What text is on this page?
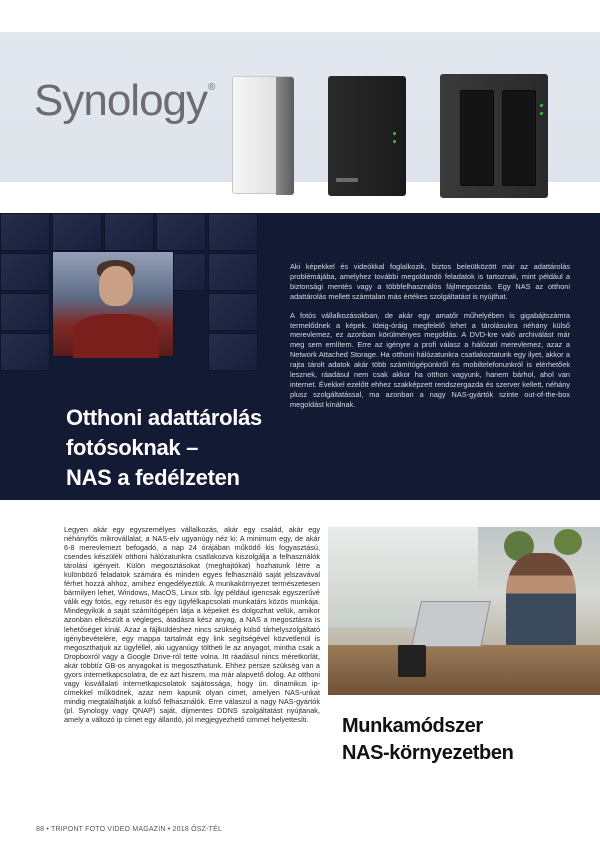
Synology®
Otthoni adattárolás
fotósoknak –
NAS a fedélzeten

Aki képekkel és videókkal foglalkozik, biztos beleütközött már az adattárolás problémájába, amelyhez további megoldandó feladatok is tartoznak, mint például a biztonsági mentés vagy a többfelhasználós fájlmegosztás. Egy NAS az otthoni adattárolás mellett számtalan más értékes szolgáltatást is nyújthat.

A fotós vállalkozásokban, de akár egy amatőr műhelyében is gigabájtszámra termelődnek a képek. Ideig-óráig megfelelő lehet a tárolásukra néhány külső merevlemez, ez azonban körülményes megoldás. A DVD-kre való archiválást már meg sem említem. Erre az igényre a profi válasz a hálózati merevlemez, azaz a Network Attached Storage. Ha otthoni hálózatunkra csatlakoztatunk egy ilyet, akkor a rajta tárolt adatok akár több számítógépünkről és mobiltelefonunkról is elérhetőek lesznek, ráadásul nem csak akkor ha otthon vagyunk, hanem bárhol, ahol van internet. Évekkel ezelőtt ehhez szakképzett rendszergazda és szerver kellett, néhány plusz szolgáltatással, ma azonban a nagy NAS-gyártók szinte out-of-the-box megoldást kínálnak.

Legyen akár egy egyszemélyes vállalkozás, akár egy család, akár egy néhányfős mikrovállalat, a NAS-elv ugyanúgy néz ki: A minimum egy, de akár 6-8 merevlemezt befogadó, a nap 24 órájában működő kis fogyasztású, csendes készülék otthoni hálózatunkra csatlakozva kiszolgálja a felhasználók tárolási igényeit. Külön megosztásokat (meghajtókat) hozhatunk létre a különböző feladatok számára és minden egyes felhasználó saját jelszavával férhet hozzá ahhoz, amihez engedélyeztük. A munkakörnyezet természetesen bármilyen lehet, Windows, MacOS, Linux stb. Így például igencsak egyszerűvé válik egy fotós, egy retusör és egy ügyfélkapcsolati munkatárs közös munkája. Mindegyikük a saját számítógépén látja a képeket és dolgozhat velük, amikor azonban elkészült a végleges, átadásra kész anyag, a NAS a megosztásra is lehetőséget kínál. Azaz a fájlküldéshez nincs szükség külső tárhelyszolgáltató igénybevételére, egy mappa tartalmát egy link segítségével közvetlenül is megoszthatjuk az ügyféllel, aki ugyanúgy töltheti le az anyagot, mintha csak a Dropboxról vagy a Google Drive-ról tette volna. Itt ráadásul nincs méretkorlát, akár többtíz GB-os anyagokat is megoszthatunk. Ehhez persze szükség van a gyors internetkapcsolatra, de ez azt hiszem, ma már alapvető dolog. Az otthoni vagy kisvállalati internetkapcsolatok sajátossága, hogy ún. dinamikus ip-címekkel működnek, azaz nem kapunk olyan cimet, amelyen NAS-unkat mindig megtalálhatják a külső felhasználók. Erre válaszul a nagy NAS-gyártók (pl. Synology vagy QNAP) saját, díjmentes DDNS szolgáltatást nyújtanak, amely a változó ip címet egy állandó, jól megjegyezhető cimmel helyettesíti.	Munkamódszer
NAS-környezetben
88 • TRIPONT FOTO VIDEO MAGAZIN • 2018 ŐSZ-TÉL
